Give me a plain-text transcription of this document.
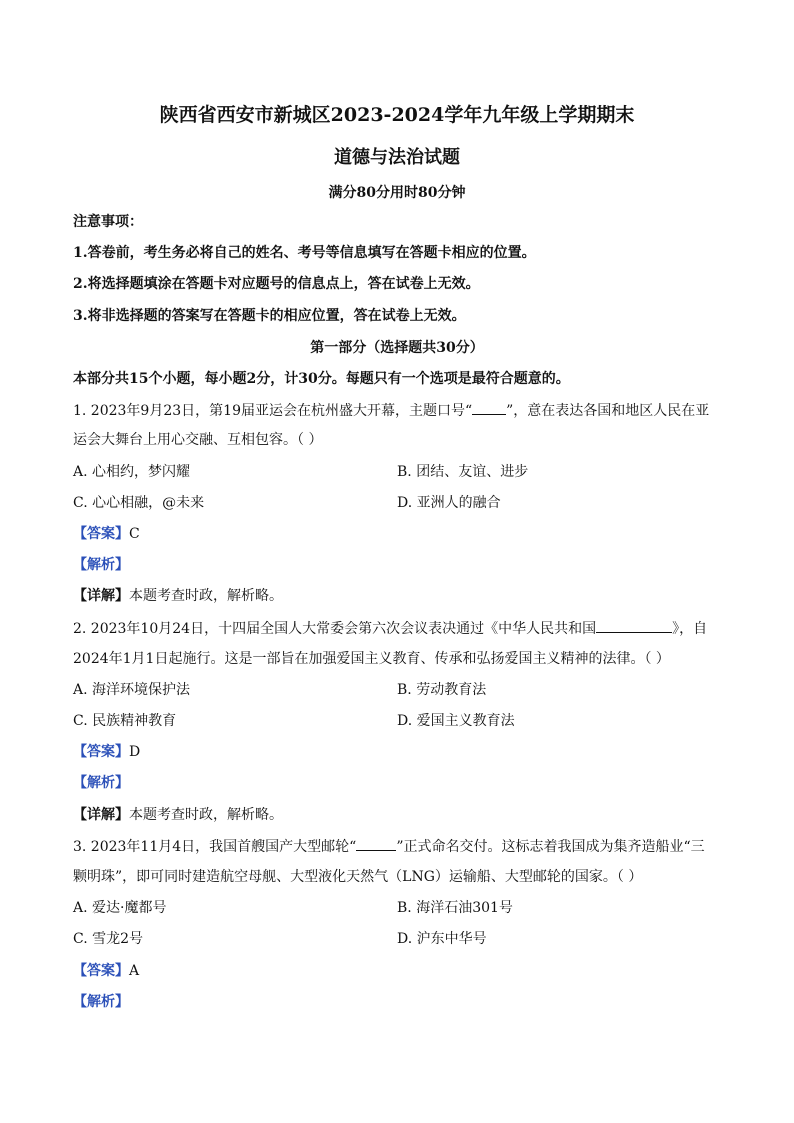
陕西省西安市新城区2023-2024学年九年级上学期期末
道德与法治试题
满分80分用时80分钟
注意事项：
1.答卷前，考生务必将自己的姓名、考号等信息填写在答题卡相应的位置。
2.将选择题填涂在答题卡对应题号的信息点上，答在试卷上无效。
3.将非选择题的答案写在答题卡的相应位置，答在试卷上无效。
第一部分（选择题共30分）
本部分共15个小题，每小题2分，计30分。每题只有一个选项是最符合题意的。
1. 2023年9月23日，第19届亚运会在杭州盛大开幕，主题口号“ ”，意在表达各国和地区人民在亚
运会大舞台上用心交融、互相包容。（ ）
A. 心相约，梦闪耀	B. 团结、友谊、进步
C. 心心相融，@未来	D. 亚洲人的融合
【答案】C
【解析】
【详解】本题考查时政，解析略。
2. 2023年10月24日，十四届全国人大常委会第六次会议表决通过《中华人民共和国	》，自
2024年1月1日起施行。这是一部旨在加强爱国主义教育、传承和弘扬爱国主义精神的法律。（ ）
A. 海洋环境保护法	B. 劳动教育法
C. 民族精神教育	D. 爱国主义教育法
【答案】D
【解析】
【详解】本题考查时政，解析略。
3. 2023年11月4日，我国首艘国产大型邮轮“	”正式命名交付。这标志着我国成为集齐造船业“三
颗明珠”，即可同时建造航空母舰、大型液化天然气（LNG）运输船、大型邮轮的国家。（ ）
A. 爱达·魔都号	B. 海洋石油301号
C. 雪龙2号	D. 沪东中华号
【答案】A
【解析】
